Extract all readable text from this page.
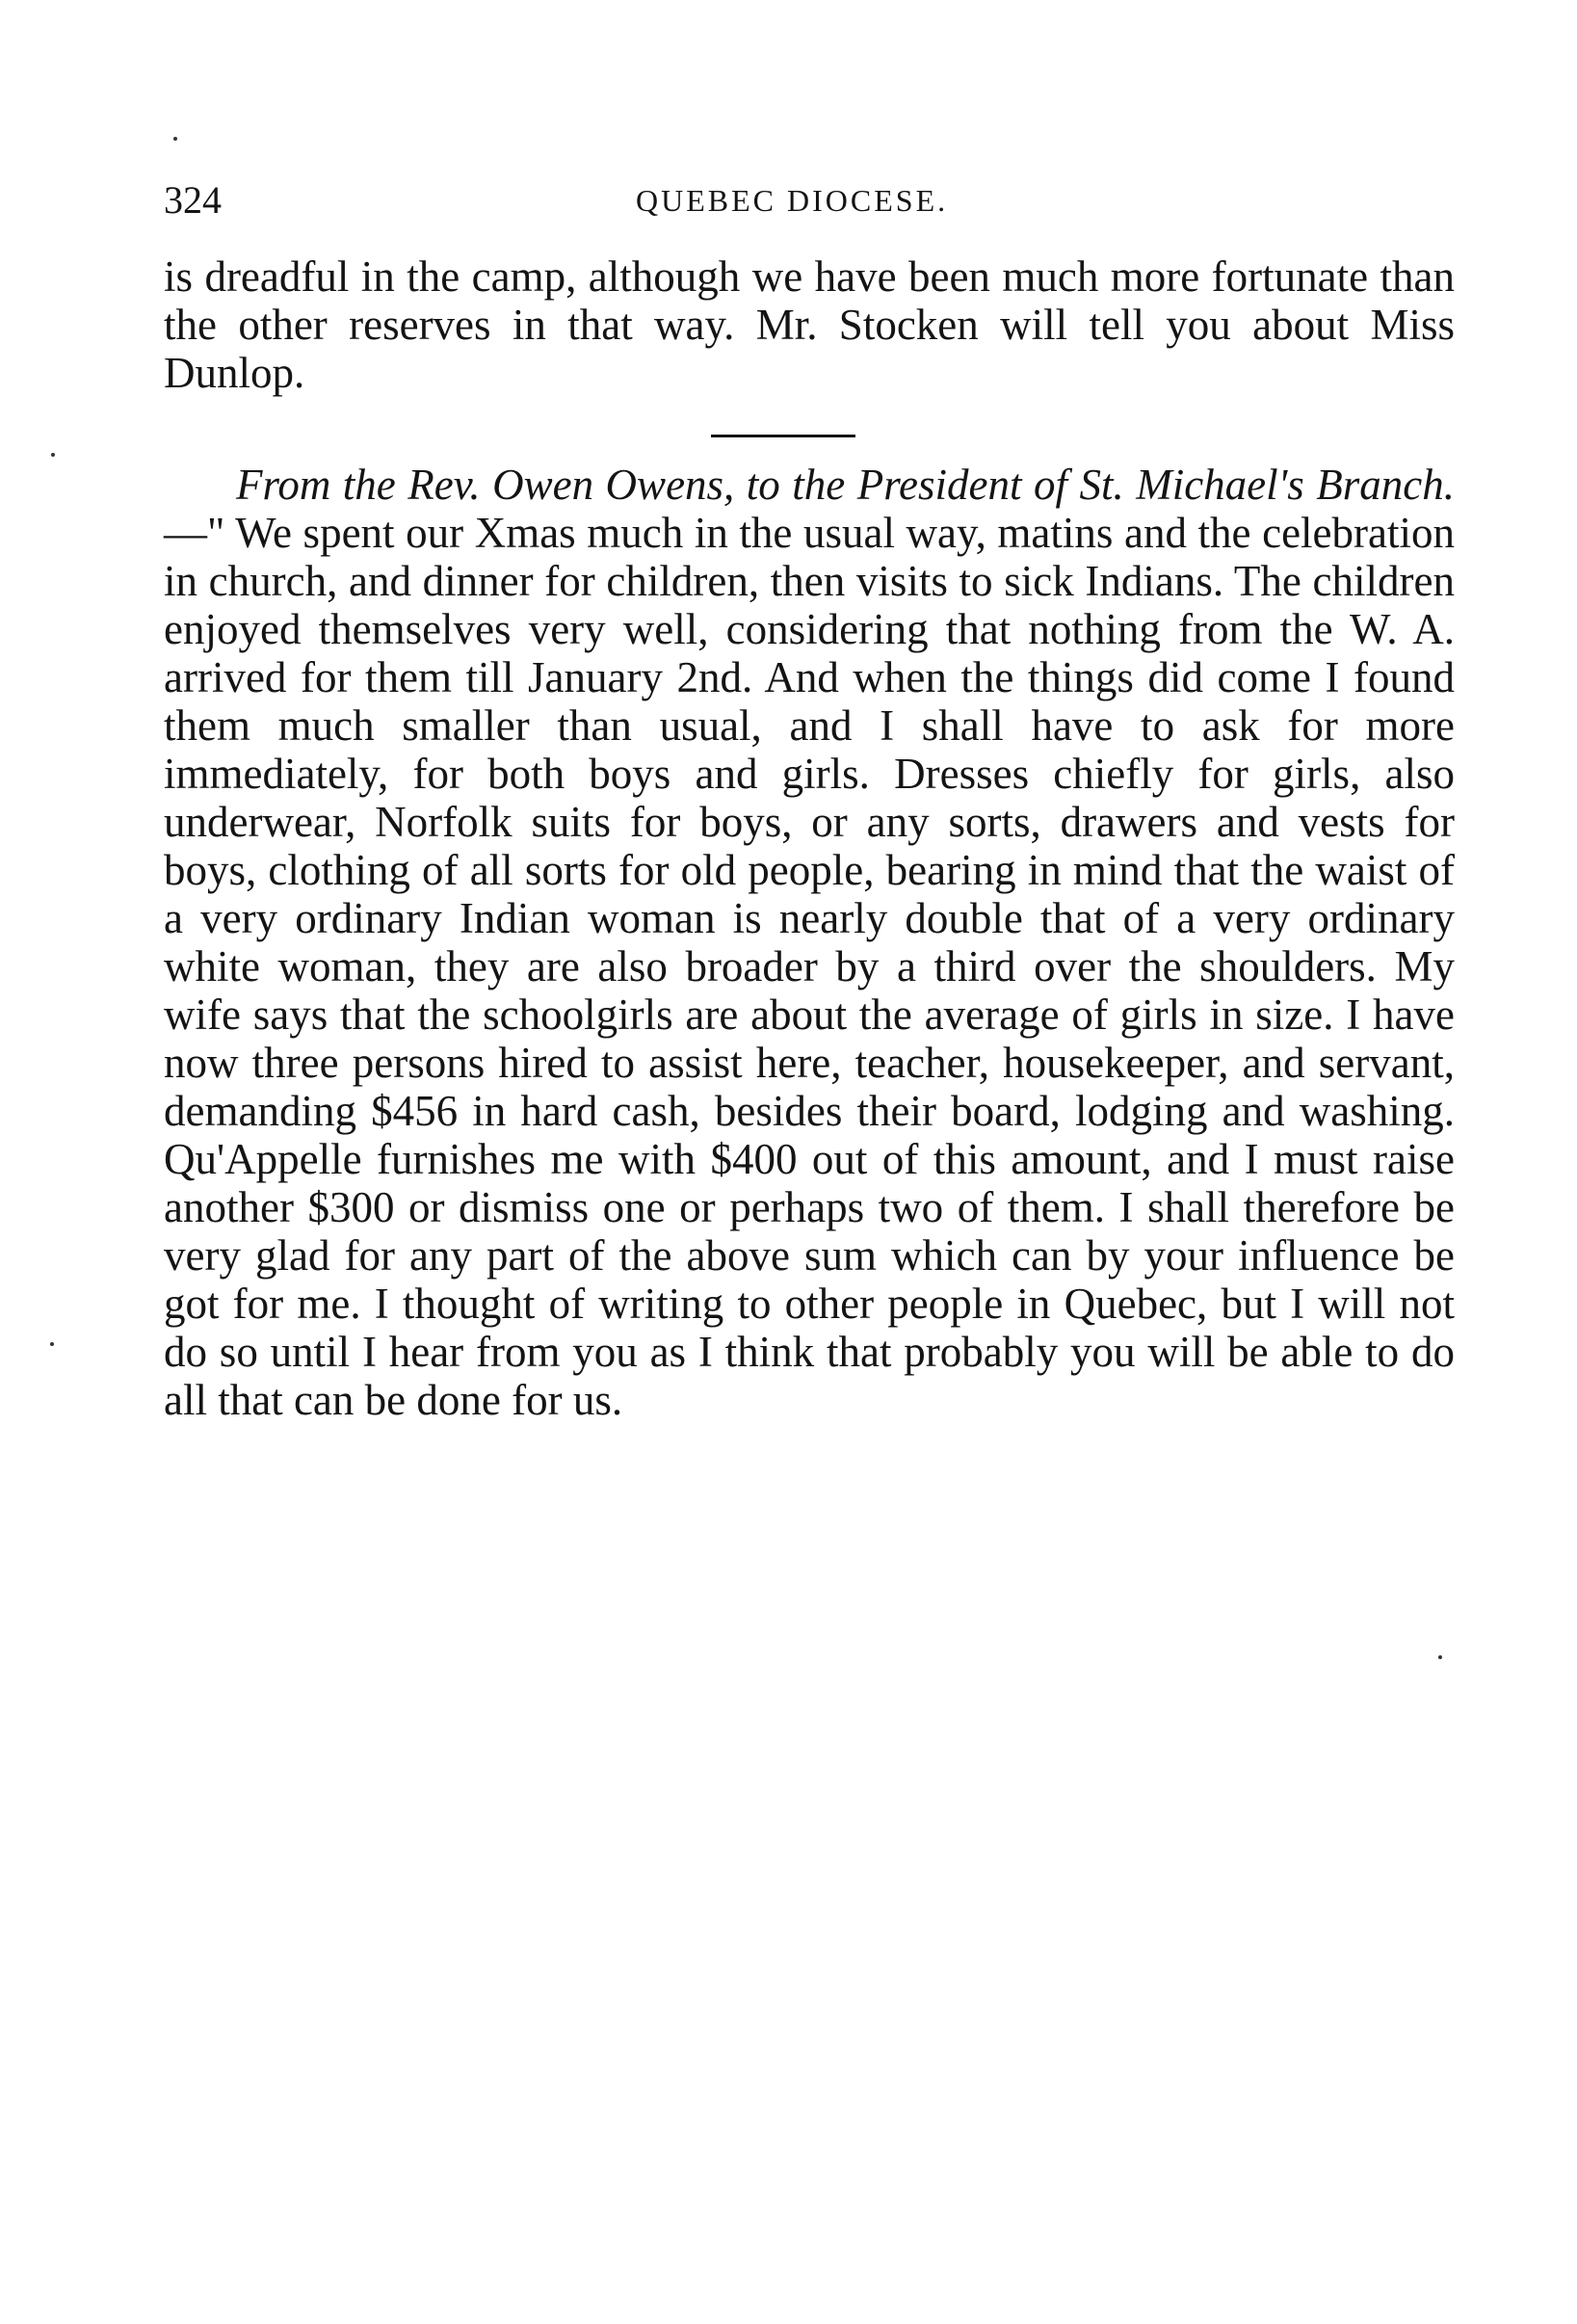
324	QUEBEC DIOCESE.

is dreadful in the camp, although we have been much more fortunate than the other reserves in that way. Mr. Stocken will tell you about Miss Dunlop.

From the Rev. Owen Owens, to the President of St. Michael's Branch.—" We spent our Xmas much in the usual way, matins and the celebration in church, and dinner for children, then visits to sick Indians. The children enjoyed themselves very well, considering that nothing from the W. A. arrived for them till January 2nd. And when the things did come I found them much smaller than usual, and I shall have to ask for more immediately, for both boys and girls. Dresses chiefly for girls, also underwear, Norfolk suits for boys, or any sorts, drawers and vests for boys, clothing of all sorts for old people, bearing in mind that the waist of a very ordinary Indian woman is nearly double that of a very ordinary white woman, they are also broader by a third over the shoulders. My wife says that the schoolgirls are about the average of girls in size. I have now three persons hired to assist here, teacher, housekeeper, and servant, demanding $456 in hard cash, besides their board, lodging and washing. Qu'Appelle furnishes me with $400 out of this amount, and I must raise another $300 or dismiss one or perhaps two of them. I shall therefore be very glad for any part of the above sum which can by your influence be got for me. I thought of writing to other people in Quebec, but I will not do so until I hear from you as I think that probably you will be able to do all that can be done for us.
